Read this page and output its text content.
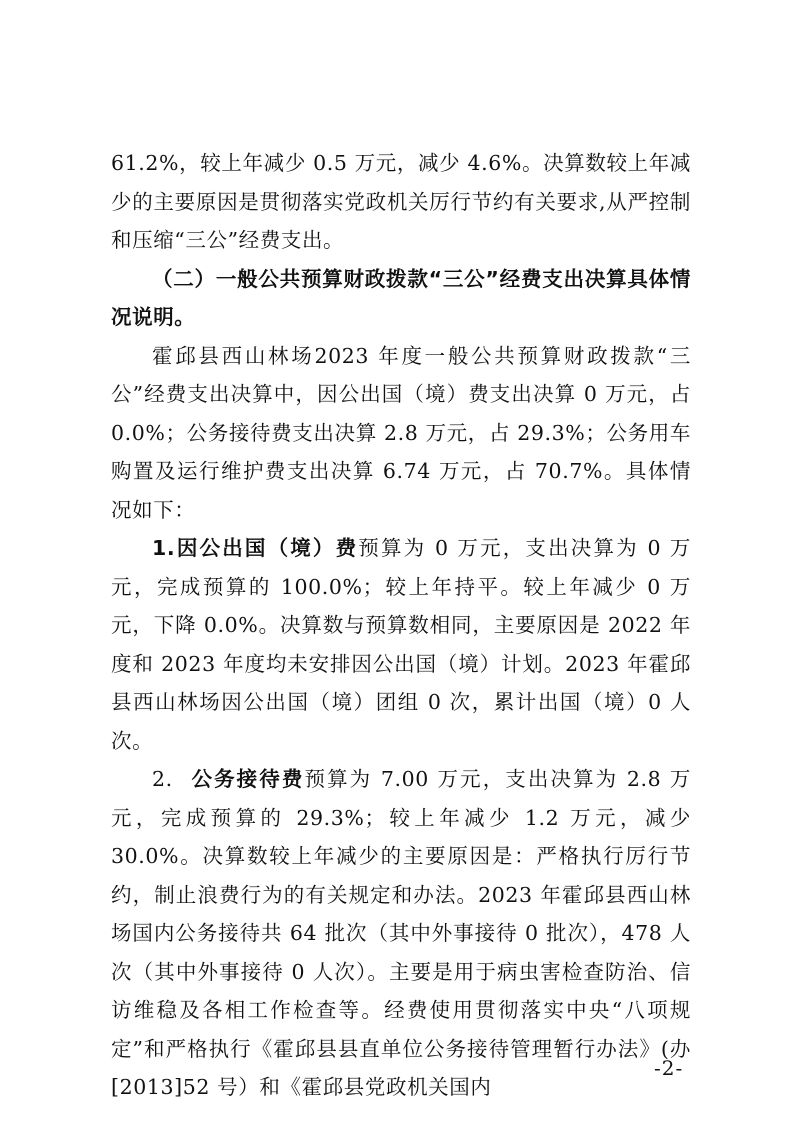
61.2%，较上年减少 0.5 万元，减少 4.6%。决算数较上年减少的主要原因是贯彻落实党政机关厉行节约有关要求,从严控制和压缩“三公”经费支出。

（二）一般公共预算财政拨款“三公”经费支出决算具体情况说明。

霍邱县西山林场2023 年度一般公共预算财政拨款“三公”经费支出决算中，因公出国（境）费支出决算 0 万元，占 0.0%；公务接待费支出决算 2.8 万元，占 29.3%；公务用车购置及运行维护费支出决算 6.74 万元，占 70.7%。具体情况如下：

1.因公出国（境）费预算为 0 万元，支出决算为 0 万元，完成预算的 100.0%；较上年持平。较上年减少 0 万元，下降 0.0%。决算数与预算数相同，主要原因是 2022 年度和 2023 年度均未安排因公出国（境）计划。2023 年霍邱县西山林场因公出国（境）团组 0 次，累计出国（境）0 人次。

2. 公务接待费预算为 7.00 万元，支出决算为 2.8 万元，完成预算的 29.3%；较上年减少 1.2 万元，减少 30.0%。决算数较上年减少的主要原因是：严格执行厉行节约，制止浪费行为的有关规定和办法。2023 年霍邱县西山林场国内公务接待共 64 批次（其中外事接待 0 批次），478 人次（其中外事接待 0 人次）。主要是用于病虫害检查防治、信访维稳及各相工作检查等。经费使用贯彻落实中央“八项规定”和严格执行《霍邱县县直单位公务接待管理暂行办法》(办[2013]52 号）和《霍邱县党政机关国内

-2-
